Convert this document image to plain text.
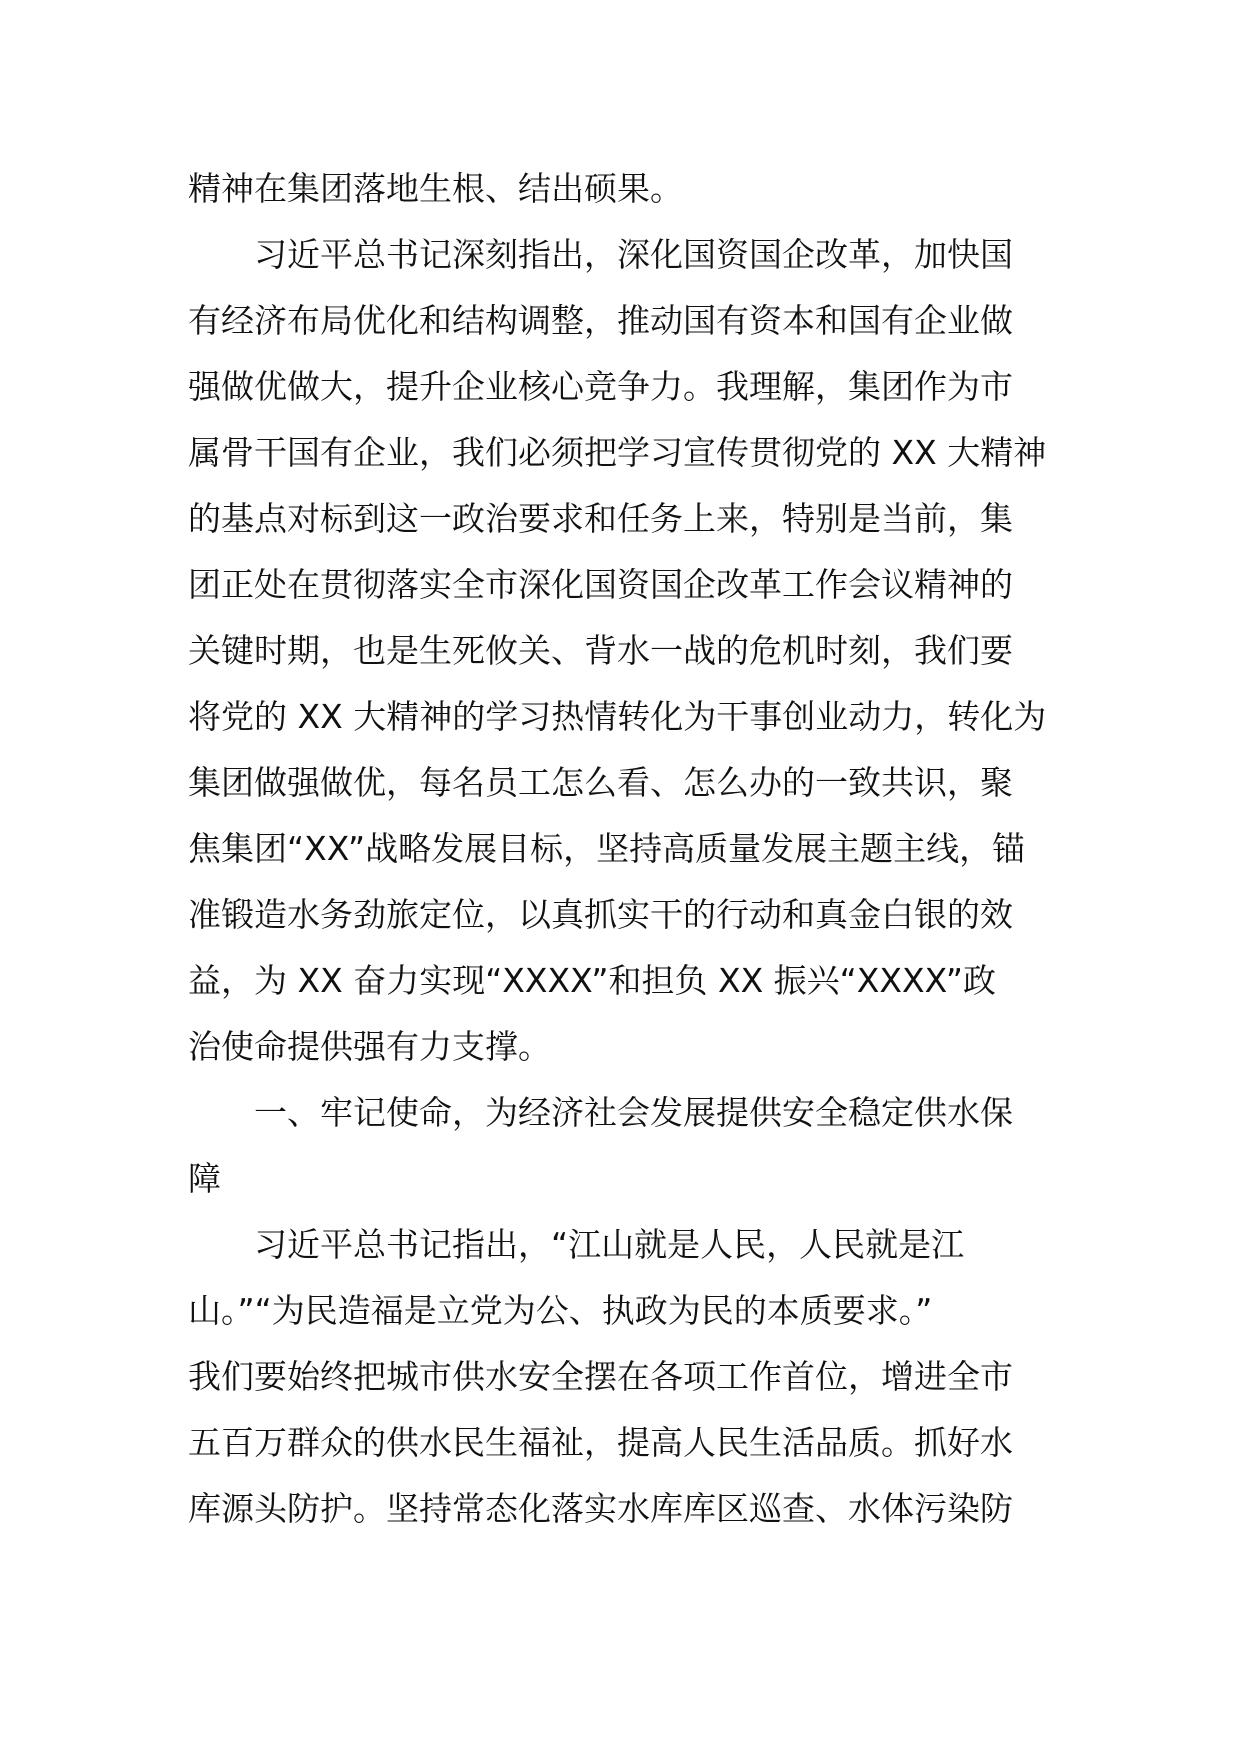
精神在集团落地生根、结出硕果。
习近平总书记深刻指出，深化国资国企改革，加快国
有经济布局优化和结构调整，推动国有资本和国有企业做
强做优做大，提升企业核心竞争力。我理解，集团作为市
属骨干国有企业，我们必须把学习宣传贯彻党的 XX 大精神
的基点对标到这一政治要求和任务上来，特别是当前，集
团正处在贯彻落实全市深化国资国企改革工作会议精神的
关键时期，也是生死攸关、背水一战的危机时刻，我们要
将党的 XX 大精神的学习热情转化为干事创业动力，转化为
集团做强做优，每名员工怎么看、怎么办的一致共识，聚
焦集团“XX”战略发展目标，坚持高质量发展主题主线，锚
准锻造水务劲旅定位，以真抓实干的行动和真金白银的效
益，为 XX 奋力实现“XXXX”和担负 XX 振兴“XXXX”政
治使命提供强有力支撑。
一、牢记使命，为经济社会发展提供安全稳定供水保
障
习近平总书记指出，“江山就是人民，人民就是江
山。”“为民造福是立党为公、执政为民的本质要求。”
我们要始终把城市供水安全摆在各项工作首位，增进全市
五百万群众的供水民生福祉，提高人民生活品质。抓好水
库源头防护。坚持常态化落实水库库区巡查、水体污染防
